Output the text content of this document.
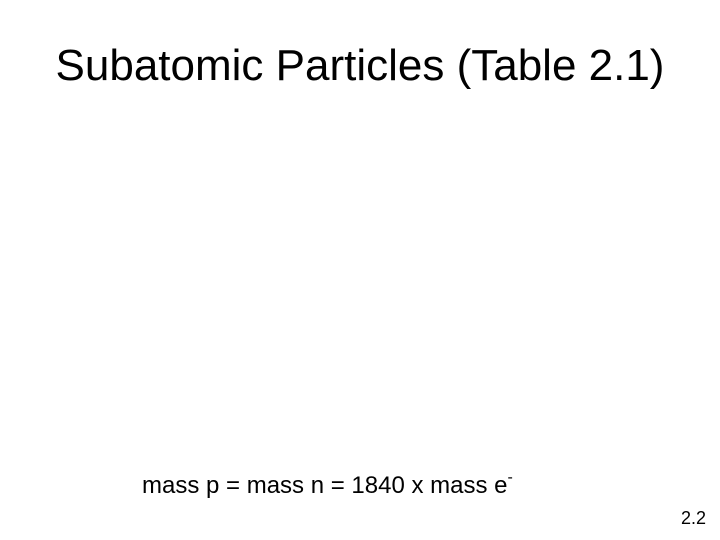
Subatomic Particles (Table 2.1)
mass p = mass n = 1840 x mass e-
2.2
